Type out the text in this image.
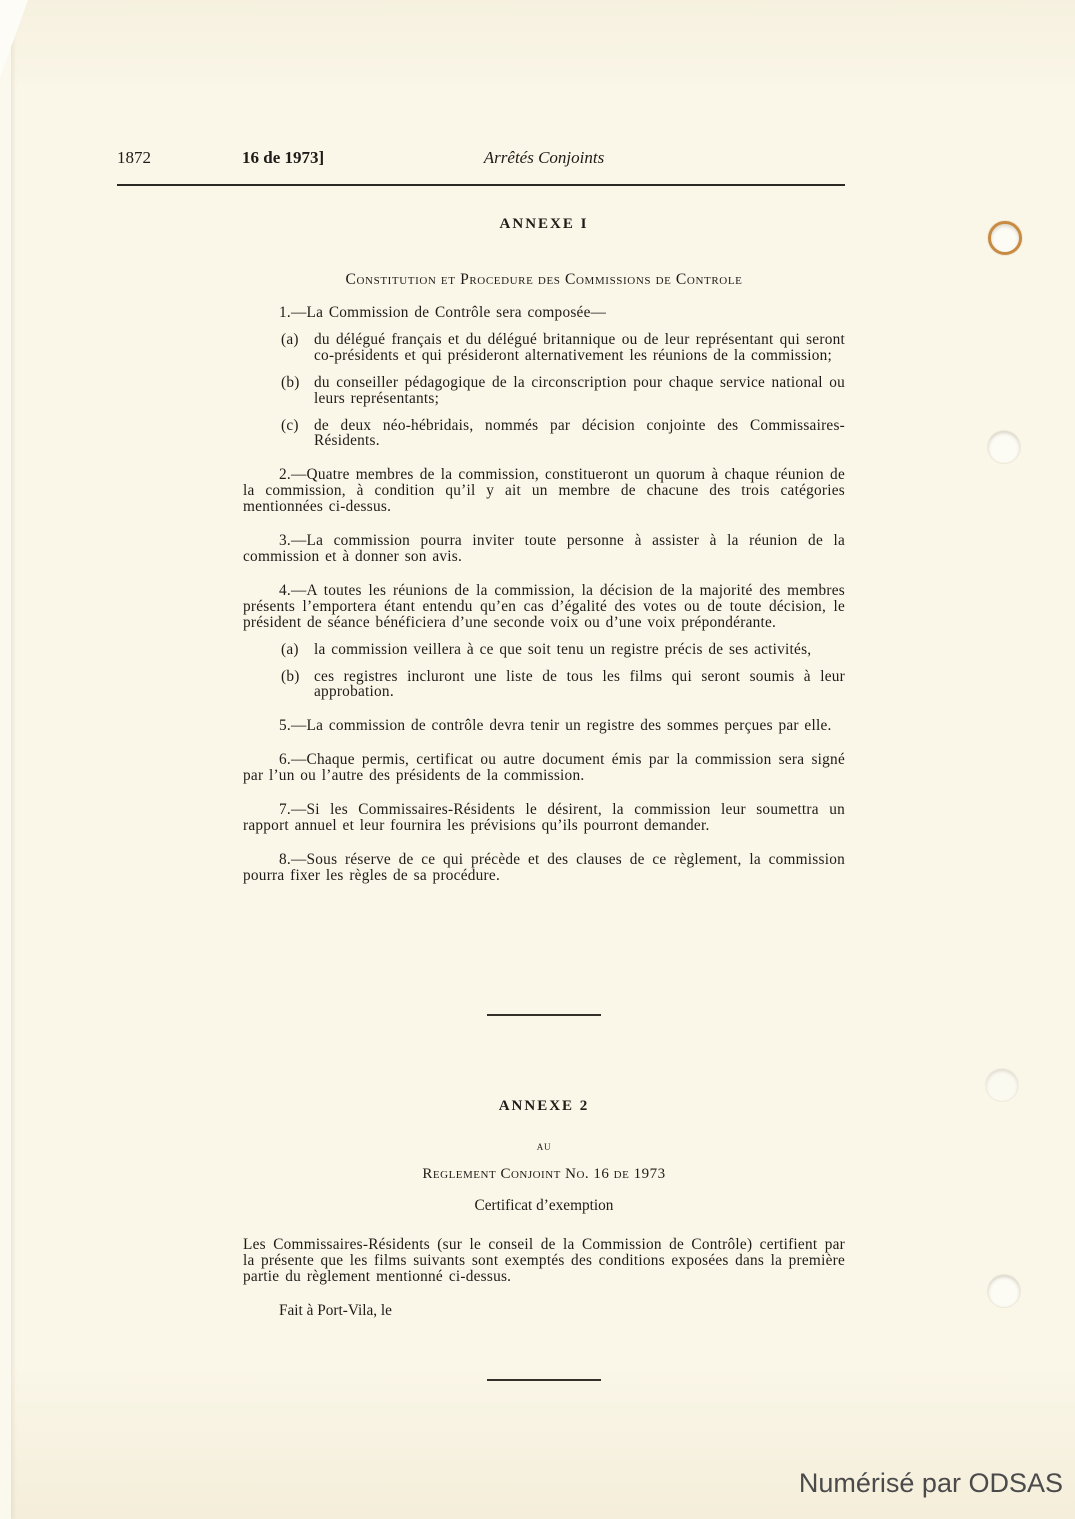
1872	16 de 1973]	Arrêtés Conjoints
ANNEXE I
Constitution et Procedure des Commissions de Controle

1.—La Commission de Contrôle sera composée—

(a) du délégué français et du délégué britannique ou de leur représentant qui seront co-présidents et qui présideront alternativement les réunions de la commission;
(b) du conseiller pédagogique de la circonscription pour chaque service national ou leurs représentants;
(c) de deux néo-hébridais, nommés par décision conjointe des Commissaires-Résidents.

2.—Quatre membres de la commission, constitueront un quorum à chaque réunion de la commission, à condition qu’il y ait un membre de chacune des trois catégories mentionnées ci-dessus.

3.—La commission pourra inviter toute personne à assister à la réunion de la commission et à donner son avis.

4.—A toutes les réunions de la commission, la décision de la majorité des membres présents l’emportera étant entendu qu’en cas d’égalité des votes ou de toute décision, le président de séance bénéficiera d’une seconde voix ou d’une voix prépondérante.

(a) la commission veillera à ce que soit tenu un registre précis de ses activités,
(b) ces registres incluront une liste de tous les films qui seront soumis à leur approbation.

5.—La commission de contrôle devra tenir un registre des sommes perçues par elle.

6.—Chaque permis, certificat ou autre document émis par la commission sera signé par l’un ou l’autre des présidents de la commission.

7.—Si les Commissaires-Résidents le désirent, la commission leur soumettra un rapport annuel et leur fournira les prévisions qu’ils pourront demander.

8.—Sous réserve de ce qui précède et des clauses de ce règlement, la commission pourra fixer les règles de sa procédure.

ANNEXE 2
au
Reglement Conjoint No. 16 de 1973
Certificat d’exemption

Les Commissaires-Résidents (sur le conseil de la Commission de Contrôle) certifient par la présente que les films suivants sont exemptés des conditions exposées dans la première partie du règlement mentionné ci-dessus.

Fait à Port-Vila, le
Numérisé par ODSAS
